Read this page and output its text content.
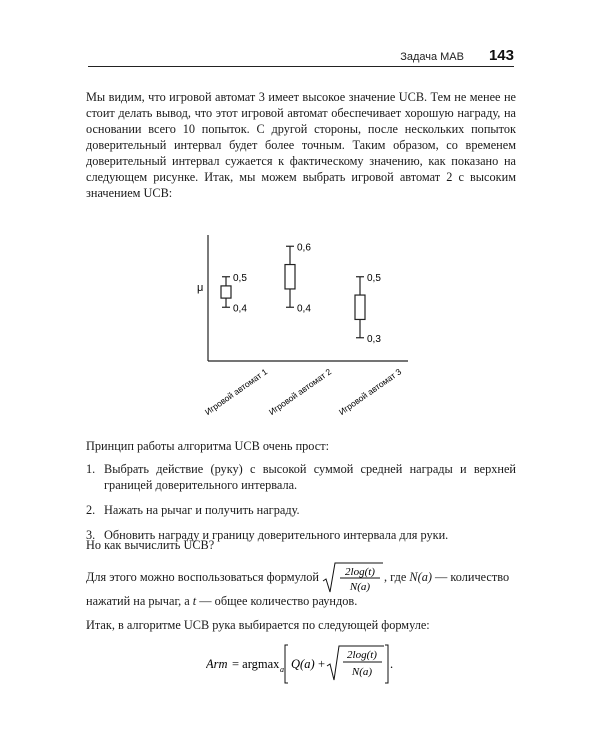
Задача MAB 143

Мы видим, что игровой автомат 3 имеет высокое значение UCB. Тем не менее не стоит делать вывод, что этот игровой автомат обеспечивает хорошую награду, на основании всего 10 попыток. С другой стороны, после нескольких попыток доверительный интервал будет более точным. Таким образом, со временем доверительный интервал сужается к фактическому значению, как показано на следующем рисунке. Итак, мы можем выбрать игровой автомат 2 с высоким значением UCB:

μ
0,5
0,4
Игровой автомат 1
0,6
0,4
Игровой автомат 2
0,5
0,3
Игровой автомат 3

Принцип работы алгоритма UCB очень прост:

1. Выбрать действие (руку) с высокой суммой средней награды и верхней границей доверительного интервала.
2. Нажать на рычаг и получить награду.
3. Обновить награду и границу доверительного интервала для руки.

Но как вычислить UCB?

Для этого можно воспользоваться формулой 2log(t)
N(a)
, где N(a) — количество
нажатий на рычаг, а t — общее количество раундов.

Итак, в алгоритме UCB рука выбирается по следующей формуле:

Arm = argmax a Q(a) +
2log(t)
N(a)
.
